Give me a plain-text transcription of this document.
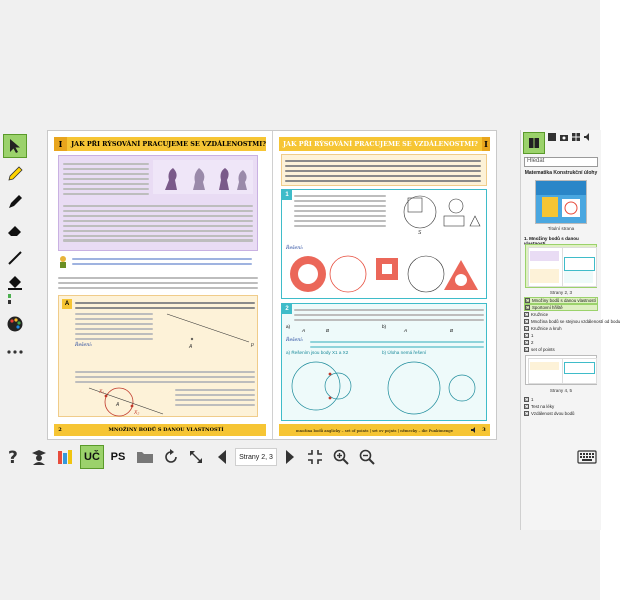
I	JAK PŘI RÝSOVÁNÍ PRACUJEME SE VZDÁLENOSTMI?
A
Řešení:	p
A
X₁
X₂
A
2	MNOŽINY BODŮ S DANOU VLASTNOSTÍ
JAK PŘI RÝSOVÁNÍ PRACUJEME SE VZDÁLENOSTMI? I
1
S
Řešení:
2
a)	b)
A	B	A	B
Řešení:
a) Řešením jsou body X1 a X2	b) Úloha nemá řešení
množina bodů anglicky – set of points | set ov pojnts | německy – die Punktmenge	3
Hledat
Matematika Konstrukční úlohy
Titulní strana
1. Množiny bodů s danou
Strany 2, 3
C Množiny bodů s danou vlastností
C Sportovní hřiště
C Kružnice
C Množina bodů se stejnou vzdáleností od bodu
C Kružnice a kruh
C 1
C 2
C set of points
Strany 4, 5
C 1
C Test na léky
C Vzdálenost dvou bodů
?	UČ PS	Strany 2, 3
